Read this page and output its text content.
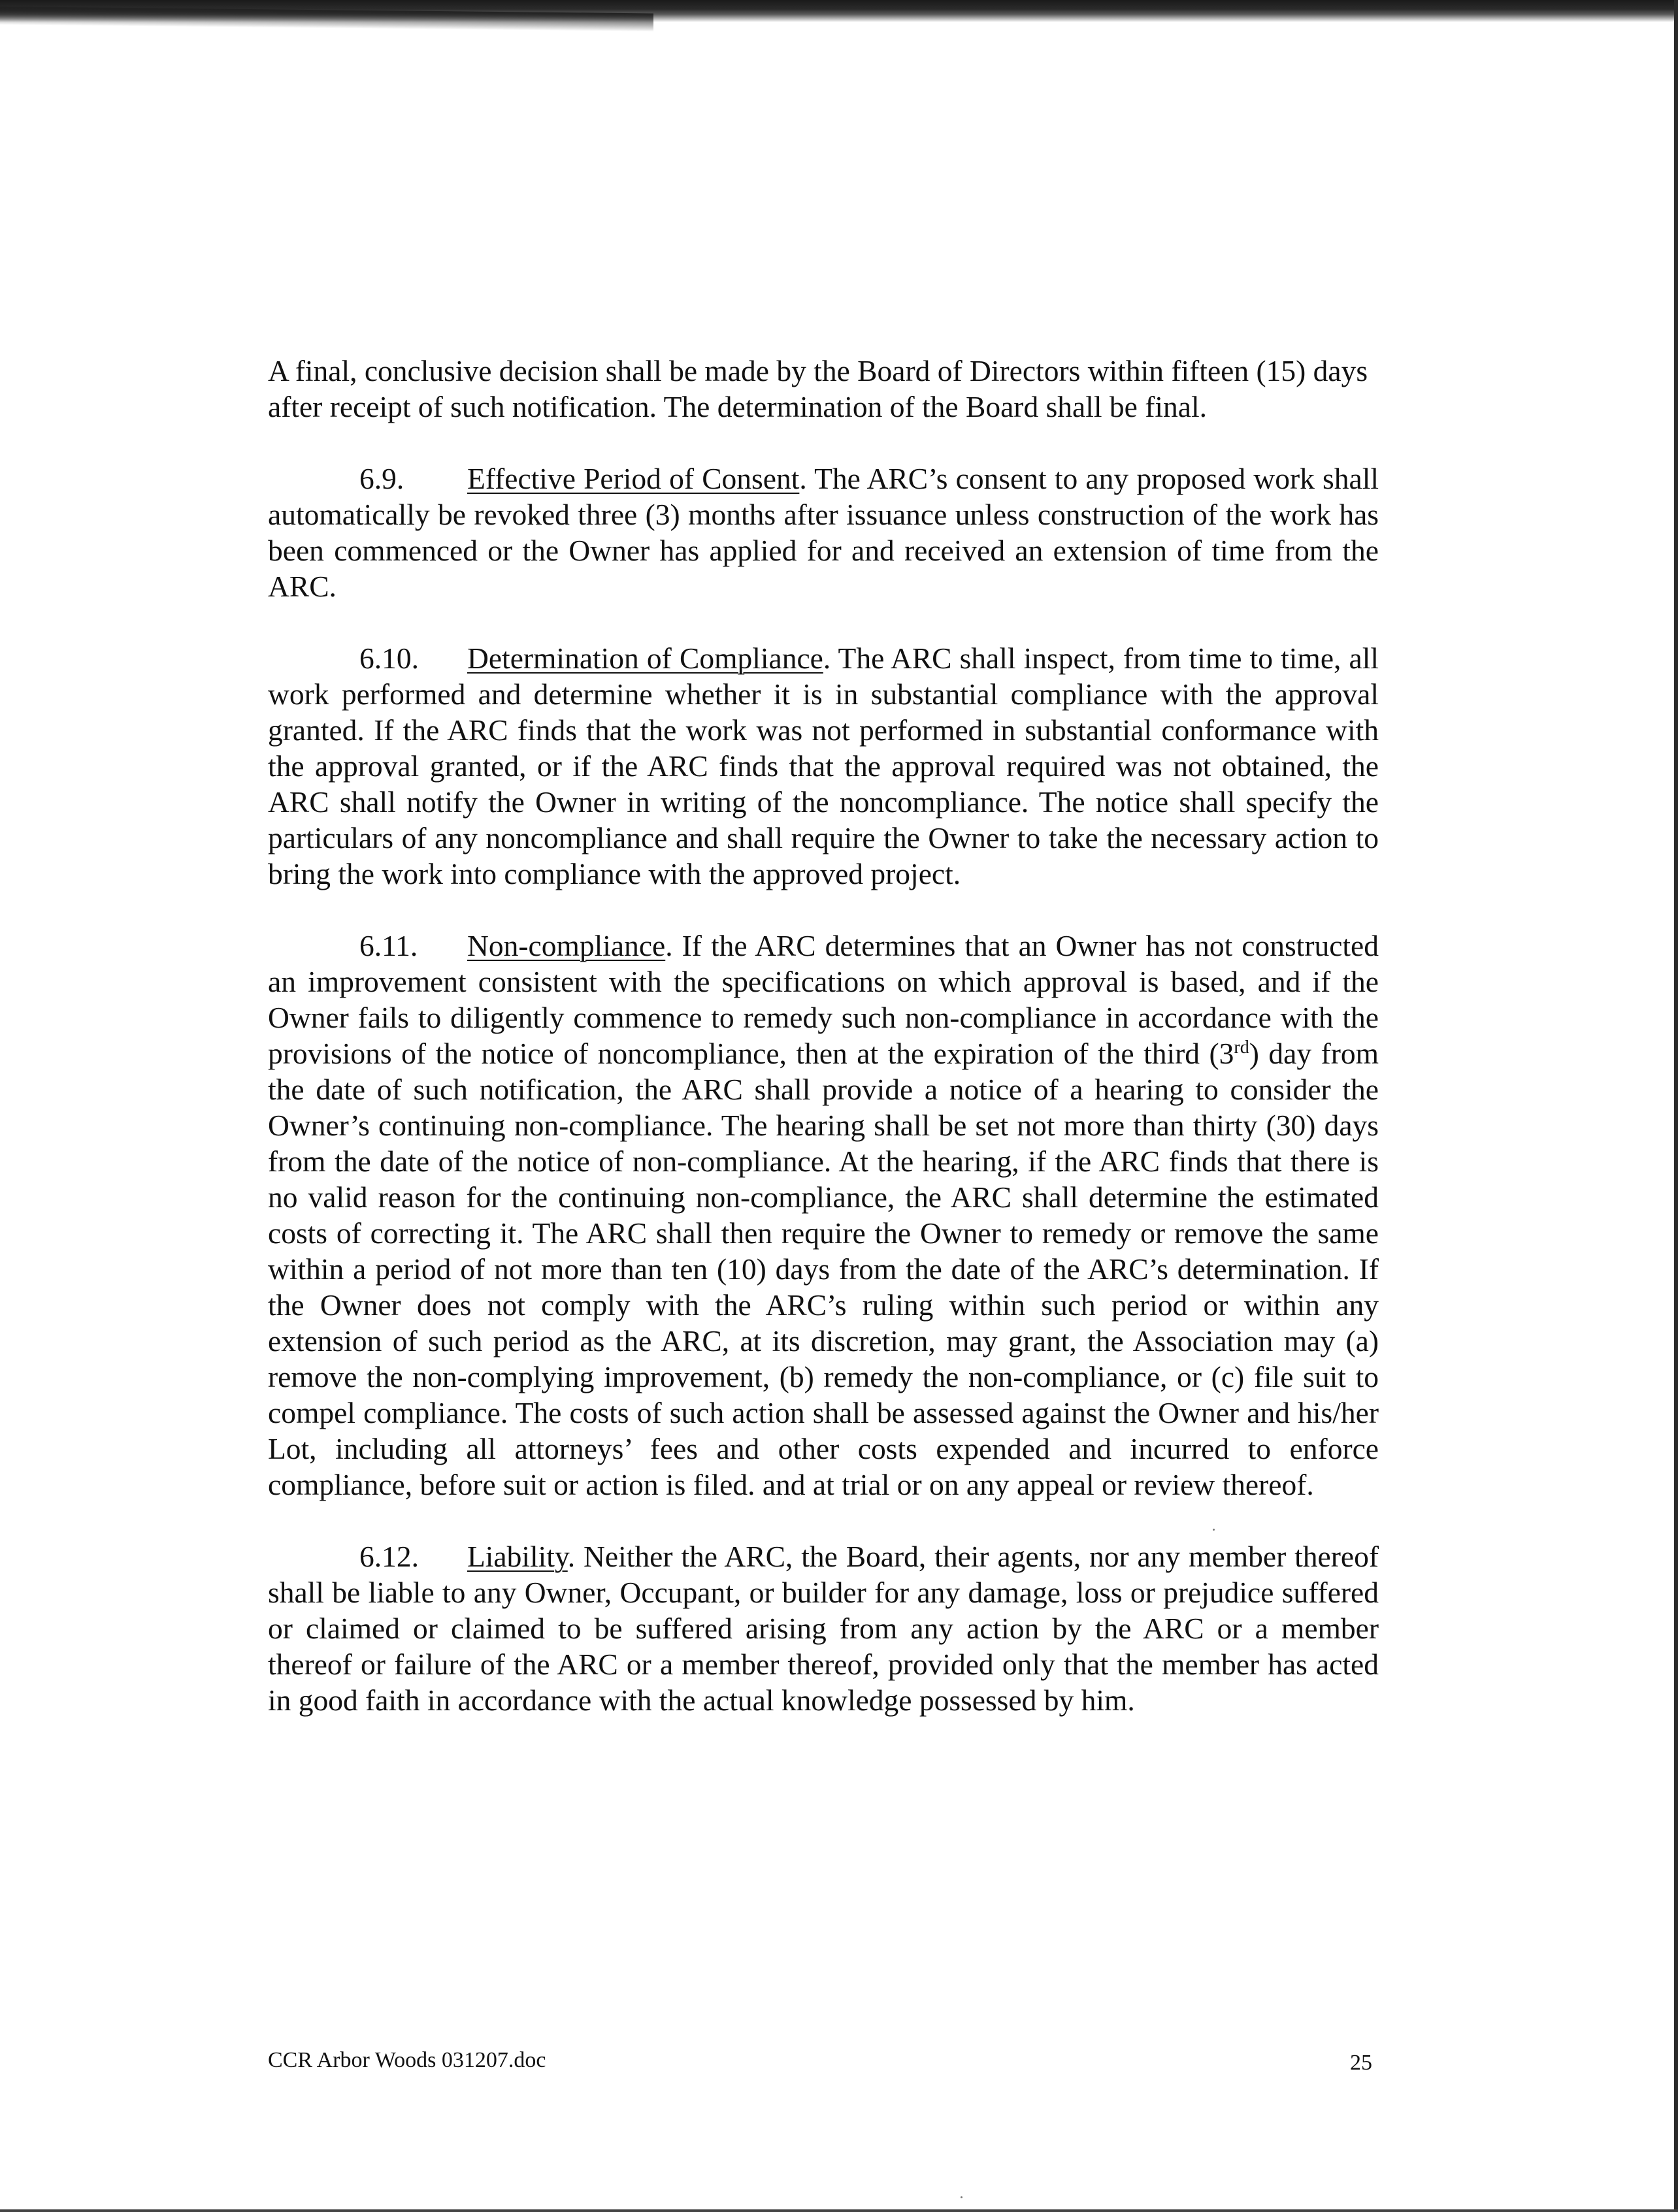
A final, conclusive decision shall be made by the Board of Directors within fifteen (15) days after receipt of such notification. The determination of the Board shall be final.

6.9. Effective Period of Consent. The ARC’s consent to any proposed work shall automatically be revoked three (3) months after issuance unless construction of the work has been commenced or the Owner has applied for and received an extension of time from the ARC.

6.10. Determination of Compliance. The ARC shall inspect, from time to time, all work performed and determine whether it is in substantial compliance with the approval granted. If the ARC finds that the work was not performed in substantial conformance with the approval granted, or if the ARC finds that the approval required was not obtained, the ARC shall notify the Owner in writing of the noncompliance. The notice shall specify the particulars of any noncompliance and shall require the Owner to take the necessary action to bring the work into compliance with the approved project.

6.11. Non-compliance. If the ARC determines that an Owner has not constructed an improvement consistent with the specifications on which approval is based, and if the Owner fails to diligently commence to remedy such non-compliance in accordance with the provisions of the notice of noncompliance, then at the expiration of the third (3rd) day from the date of such notification, the ARC shall provide a notice of a hearing to consider the Owner’s continuing non-compliance. The hearing shall be set not more than thirty (30) days from the date of the notice of non-compliance. At the hearing, if the ARC finds that there is no valid reason for the continuing non-compliance, the ARC shall determine the estimated costs of correcting it. The ARC shall then require the Owner to remedy or remove the same within a period of not more than ten (10) days from the date of the ARC’s determination. If the Owner does not comply with the ARC’s ruling within such period or within any extension of such period as the ARC, at its discretion, may grant, the Association may (a) remove the non-complying improvement, (b) remedy the non-compliance, or (c) file suit to compel compliance. The costs of such action shall be assessed against the Owner and his/her Lot, including all attorneys’ fees and other costs expended and incurred to enforce compliance, before suit or action is filed. and at trial or on any appeal or review thereof.

6.12. Liability. Neither the ARC, the Board, their agents, nor any member thereof shall be liable to any Owner, Occupant, or builder for any damage, loss or prejudice suffered or claimed or claimed to be suffered arising from any action by the ARC or a member thereof or failure of the ARC or a member thereof, provided only that the member has acted in good faith in accordance with the actual knowledge possessed by him.

CCR Arbor Woods 031207.doc	25
